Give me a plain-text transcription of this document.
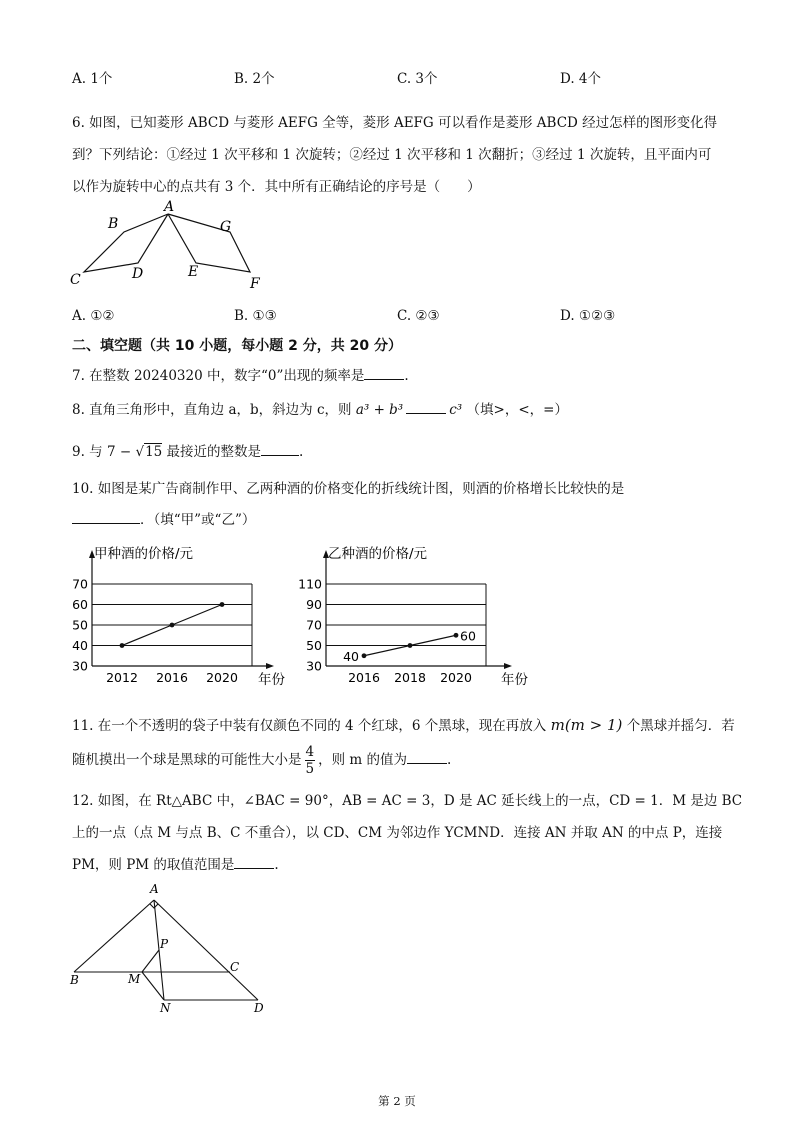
A. 1个	B. 2个	C. 3个	D. 4个
6. 如图，已知菱形 ABCD 与菱形 AEFG 全等，菱形 AEFG 可以看作是菱形 ABCD 经过怎样的图形变化得
到？下列结论：①经过 1 次平移和 1 次旋转；②经过 1 次平移和 1 次翻折；③经过 1 次旋转，且平面内可
以作为旋转中心的点共有 3 个．其中所有正确结论的序号是（　　）
A
B
C	D	E
F
G
A. ①②	B. ①③	C. ②③	D. ①②③
二、填空题（共 10 小题，每小题 2 分，共 20 分）
7. 在整数 20240320 中，数字“0”出现的频率是	.
8. 直角三角形中，直角边 a，b，斜边为 c，则 a³ + b³	c³ （填>，<，=）
9. 与 7 − √15 最接近的整数是	.
10. 如图是某广告商制作甲、乙两种酒的价格变化的折线统计图，则酒的价格增长比较快的是
．（填“甲”或“乙”）
甲种酒的价格/元
30
40
50
60
70
2012 2016 2020 年份
乙种酒的价格/元
30
50
70
90
110
2016 2018 2020
40
60
年份
11. 在一个不透明的袋子中装有仅颜色不同的 4 个红球，6 个黑球，现在再放入 m(m > 1) 个黑球并摇匀．若
随机摸出一个球是黑球的可能性大小是 $\frac{4}{5}$ ，则 m 的值为	.
12. 如图，在 Rt△ABC 中，∠BAC = 90°，AB = AC = 3，D 是 AC 延长线上的一点，CD = 1．M 是边 BC
上的一点（点 M 与点 B、C 不重合），以 CD、CM 为邻边作 YCMND．连接 AN 并取 AN 的中点 P，连接
PM，则 PM 的取值范围是	.
A
P
B	M
C
N	D
第 2 页
